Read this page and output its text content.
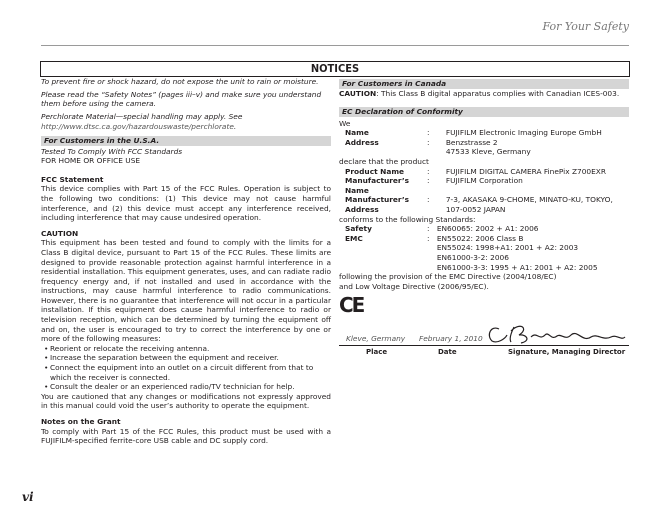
For Your Safety
NOTICES

To prevent fire or shock hazard, do not expose the unit to rain or moisture.

Please read the “Safety Notes” (pages iii–v) and make sure you understand them before using the camera.

Perchlorate Material—special handling may apply. See http://www.dtsc.ca.gov/hazardouswaste/perchlorate.

For Customers in the U.S.A.

Tested To Comply With FCC Standards

FOR HOME OR OFFICE USE

FCC Statement

This device complies with Part 15 of the FCC Rules. Operation is subject to the following two conditions: (1) This device may not cause harmful interference, and (2) this device must accept any interference received, including interference that may cause undesired operation.

CAUTION

This equipment has been tested and found to comply with the limits for a Class B digital device, pursuant to Part 15 of the FCC Rules. These limits are designed to provide reasonable protection against harmful interference in a residential installation. This equipment generates, uses, and can radiate radio frequency energy and, if not installed and used in accordance with the instructions, may cause harmful interference to radio communications. However, there is no guarantee that interference will not occur in a particular installation. If this equipment does cause harmful interference to radio or television reception, which can be determined by turning the equipment off and on, the user is encouraged to try to correct the interference by one or more of the following measures:

• Reorient or relocate the receiving antenna.
• Increase the separation between the equipment and receiver.
• Connect the equipment into an outlet on a circuit different from that to which the receiver is connected.
• Consult the dealer or an experienced radio/TV technician for help.

You are cautioned that any changes or modifications not expressly approved in this manual could void the user’s authority to operate the equipment.

Notes on the Grant

To comply with Part 15 of the FCC Rules, this product must be used with a FUJIFILM-specified ferrite-core USB cable and DC supply cord.

For Customers in Canada

CAUTION: This Class B digital apparatus complies with Canadian ICES-003.

EC Declaration of Conformity

We

Name	:	FUJIFILM Electronic Imaging Europe GmbH
Address	:	Benzstrasse 2
47533 Kleve, Germany

declare that the product

Product Name	:	FUJIFILM DIGITAL CAMERA FinePix Z700EXR
Manufacturer’s Name
:	FUJIFILM Corporation
Manufacturer’s Address
:	7-3, AKASAKA 9-CHOME, MINATO-KU, TOKYO,
107-0052 JAPAN

conforms to the following Standards:

Safety	: EN60065: 2002 + A1: 2006
EMC	: EN55022: 2006 Class B
EN55024: 1998+A1: 2001 + A2: 2003
EN61000-3-2: 2006
EN61000-3-3: 1995 + A1: 2001 + A2: 2005

following the provision of the EMC Directive (2004/108/EC)
and Low Voltage Directive (2006/95/EC).

CE
Kleve, Germany February 1, 2010
Place	Date	Signature, Managing Director
vi
